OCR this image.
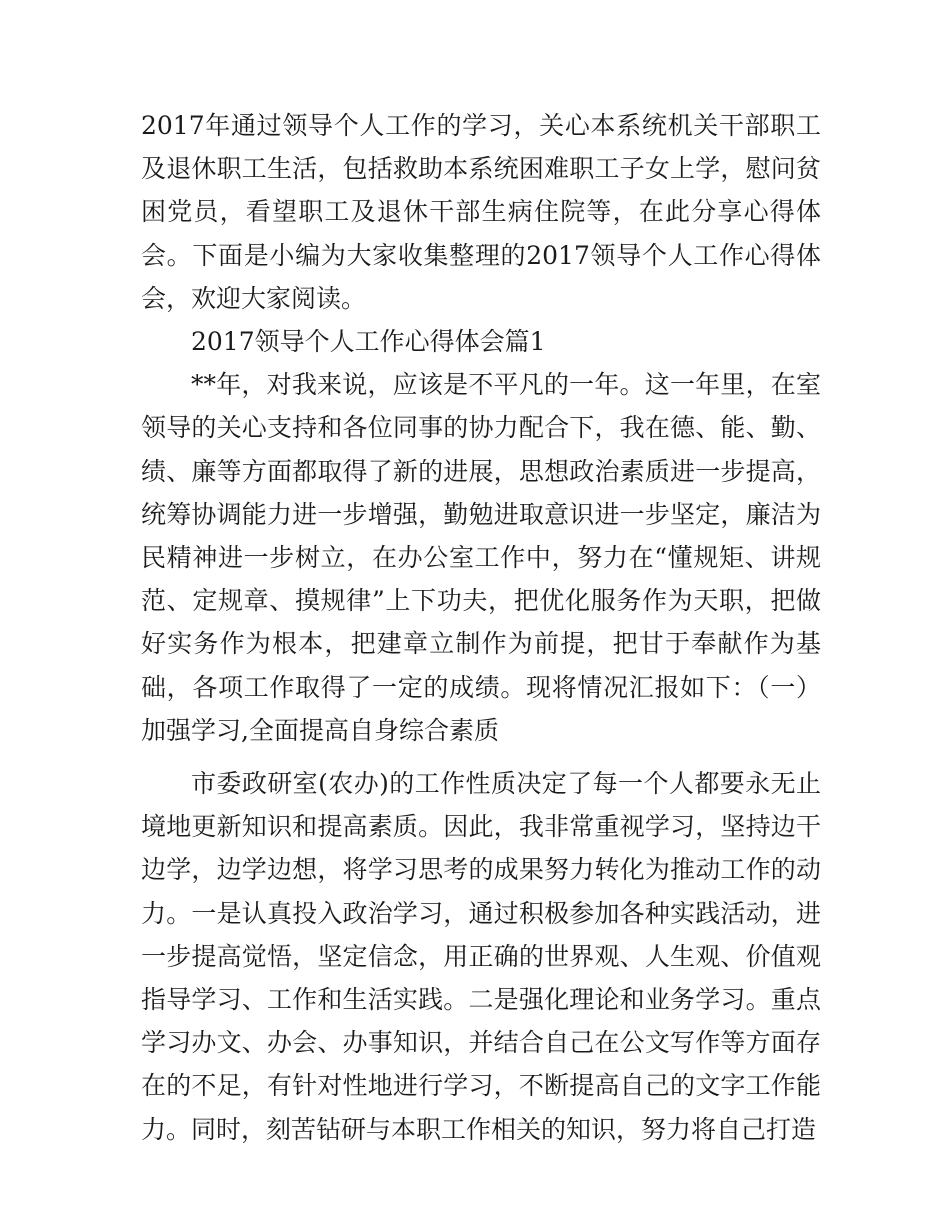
2017年通过领导个人工作的学习，关心本系统机关干部职工及退休职工生活，包括救助本系统困难职工子女上学，慰问贫困党员，看望职工及退休干部生病住院等，在此分享心得体会。下面是小编为大家收集整理的2017领导个人工作心得体会，欢迎大家阅读。

2017领导个人工作心得体会篇1

**年，对我来说，应该是不平凡的一年。这一年里，在室领导的关心支持和各位同事的协力配合下，我在德、能、勤、绩、廉等方面都取得了新的进展，思想政治素质进一步提高，统筹协调能力进一步增强，勤勉进取意识进一步坚定，廉洁为民精神进一步树立，在办公室工作中，努力在“懂规矩、讲规范、定规章、摸规律”上下功夫，把优化服务作为天职，把做好实务作为根本，把建章立制作为前提，把甘于奉献作为基础，各项工作取得了一定的成绩。现将情况汇报如下：（一）加强学习,全面提高自身综合素质

市委政研室(农办)的工作性质决定了每一个人都要永无止境地更新知识和提高素质。因此，我非常重视学习，坚持边干边学，边学边想，将学习思考的成果努力转化为推动工作的动力。一是认真投入政治学习，通过积极参加各种实践活动，进一步提高觉悟，坚定信念，用正确的世界观、人生观、价值观指导学习、工作和生活实践。二是强化理论和业务学习。重点学习办文、办会、办事知识，并结合自己在公文写作等方面存在的不足，有针对性地进行学习，不断提高自己的文字工作能力。同时，刻苦钻研与本职工作相关的知识，努力将自己打造
